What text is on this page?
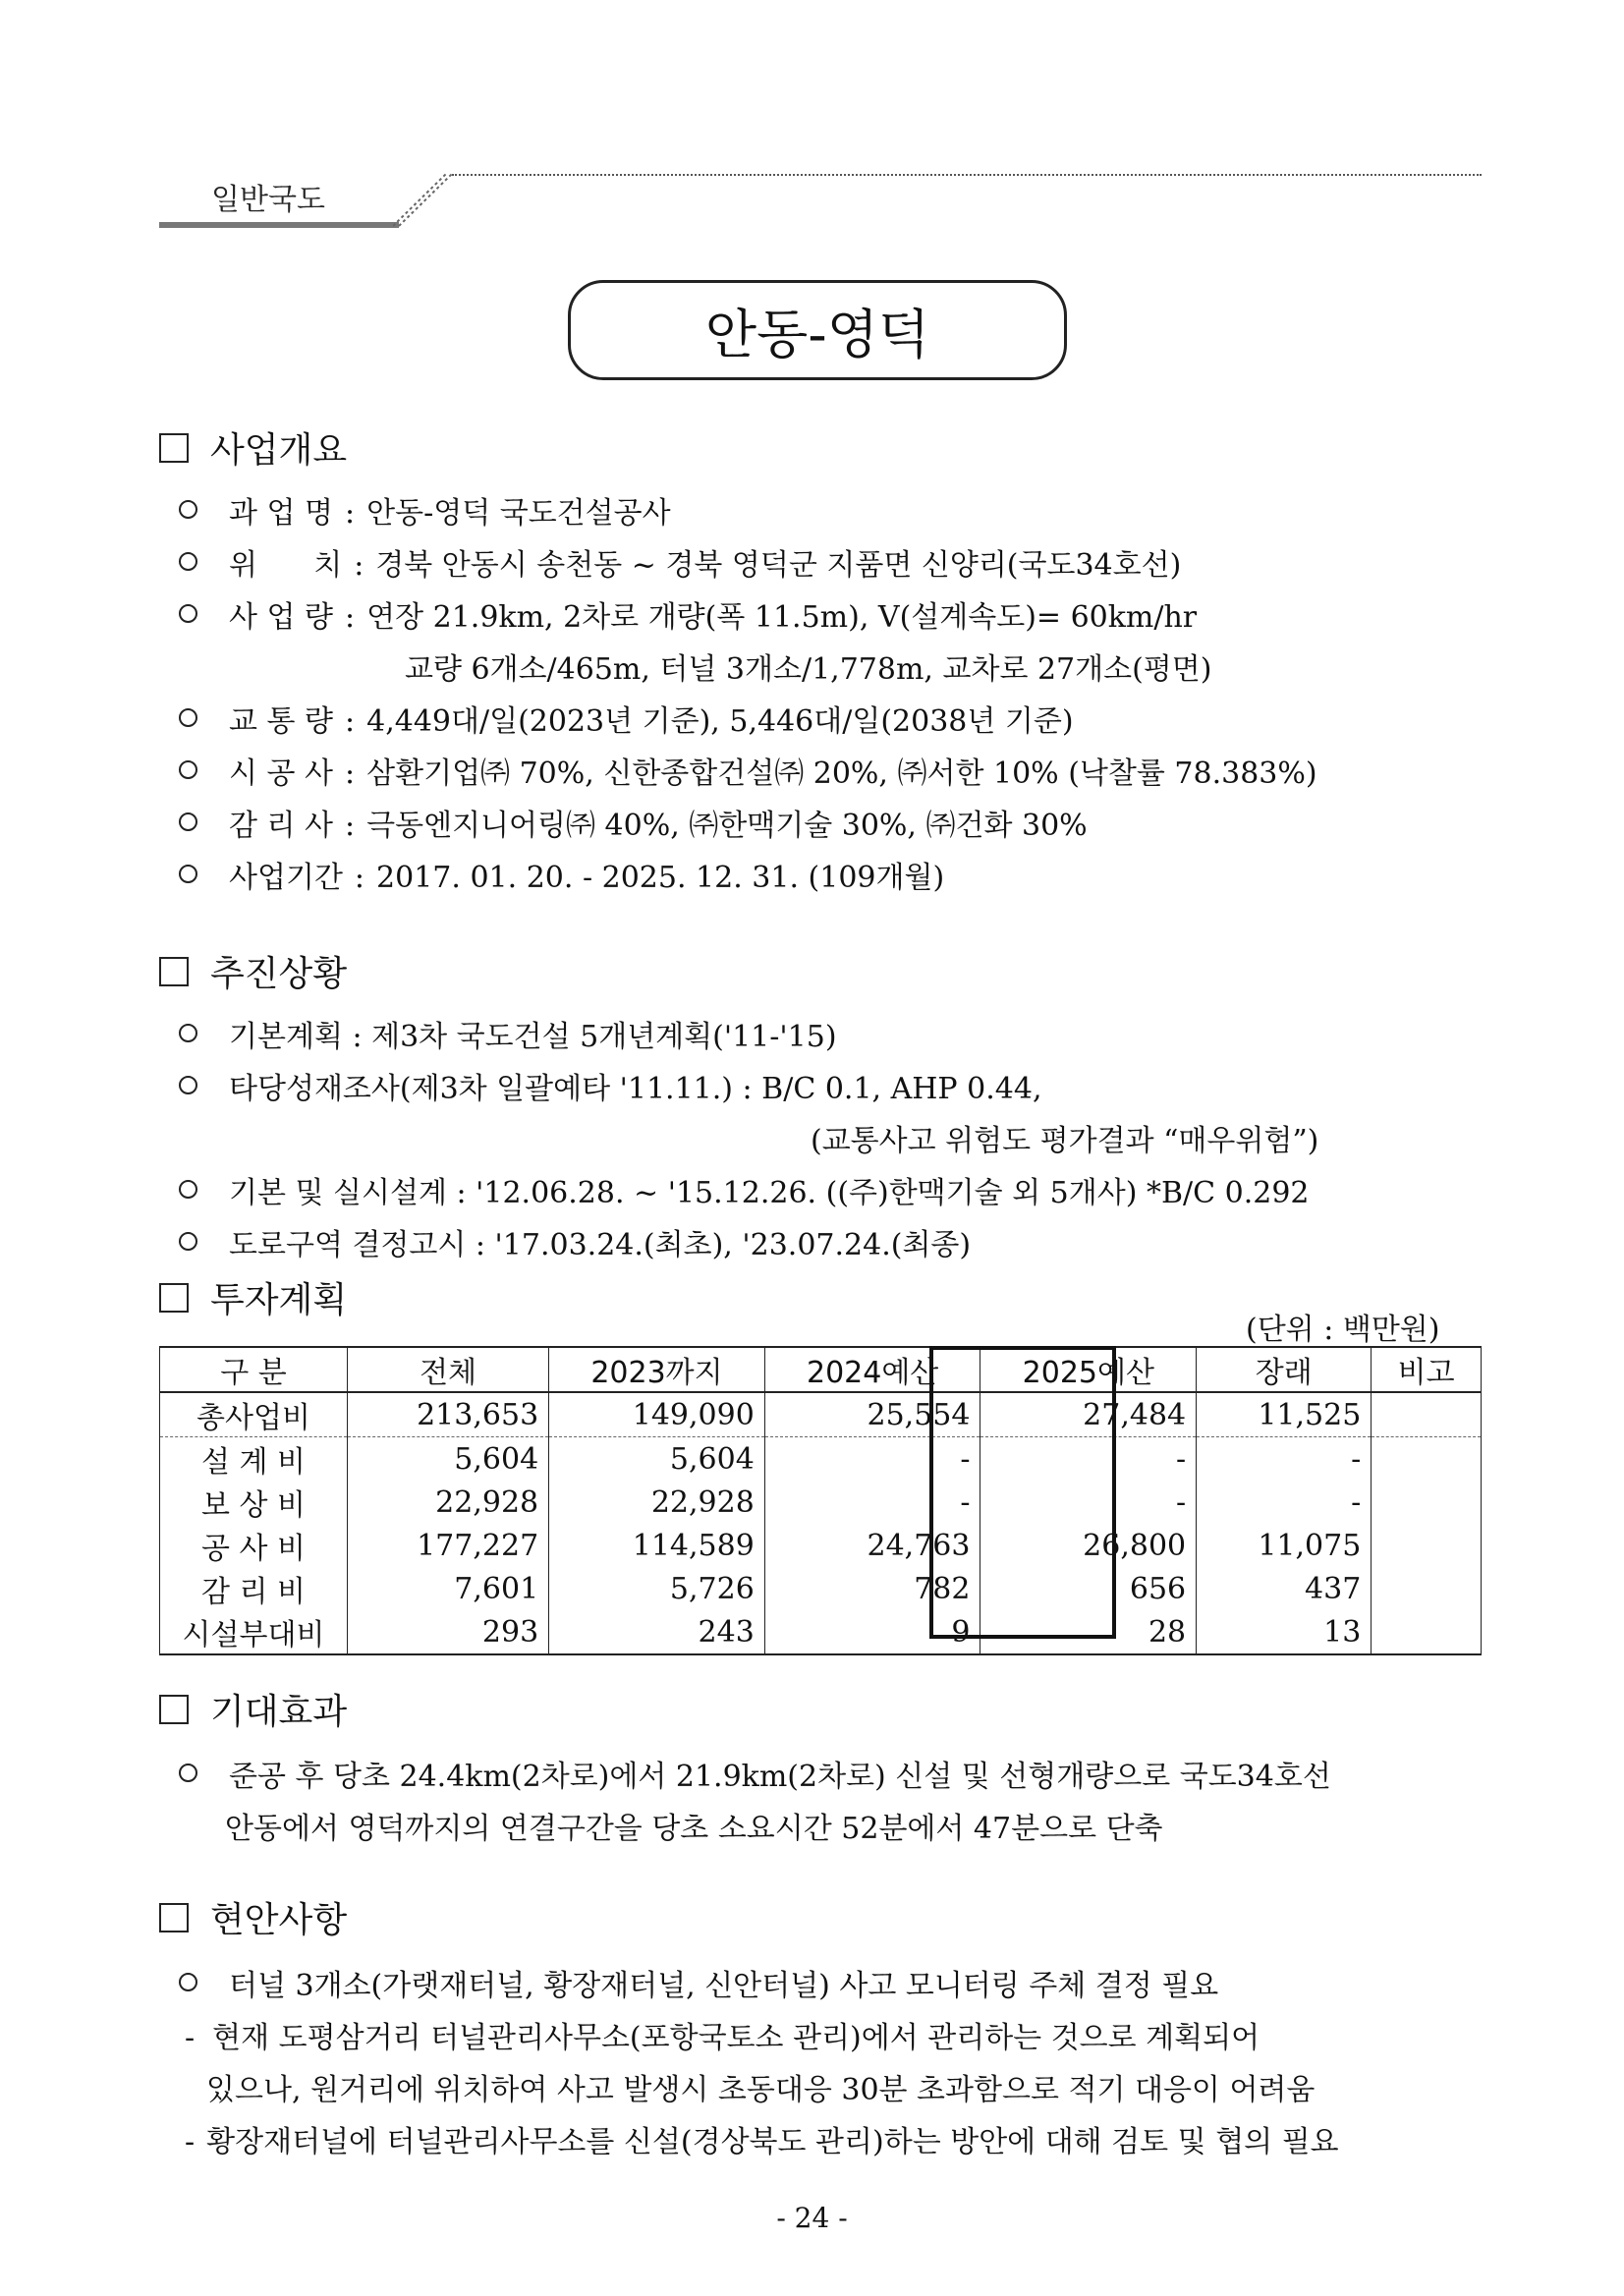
일반국도
안동-영덕
사업개요
과 업 명 : 안동-영덕 국도건설공사
위      치 : 경북 안동시 송천동 ~ 경북 영덕군 지품면 신양리(국도34호선)
사 업 량 : 연장 21.9km, 2차로 개량(폭 11.5m), V(설계속도)= 60km/hr
교량 6개소/465m, 터널 3개소/1,778m, 교차로 27개소(평면)
교 통 량 : 4,449대/일(2023년 기준), 5,446대/일(2038년 기준)
시 공 사 : 삼환기업㈜ 70%, 신한종합건설㈜ 20%, ㈜서한 10% (낙찰률 78.383%)
감 리 사 : 극동엔지니어링㈜ 40%, ㈜한맥기술 30%, ㈜건화 30%
사업기간 : 2017. 01. 20. - 2025. 12. 31. (109개월)
추진상황
기본계획 : 제3차 국도건설 5개년계획('11-'15)
타당성재조사(제3차 일괄예타 '11.11.) : B/C 0.1, AHP 0.44,
(교통사고 위험도 평가결과 “매우위험”)
기본 및 실시설계 : '12.06.28. ~ '15.12.26. ((주)한맥기술 외 5개사) *B/C 0.292
도로구역 결정고시 : '17.03.24.(최초), '23.07.24.(최종)
투자계획
(단위 : 백만원)
구 분	전체	2023까지	2024예산	2025예산	장래	비고
총사업비	213,653	149,090	25,554	27,484	11,525	
설 계 비	5,604	5,604	-	-	-	
보 상 비	22,928	22,928	-	-	-	
공 사 비	177,227	114,589	24,763	26,800	11,075	
감 리 비	7,601	5,726	782	656	437	
시설부대비	293	243	9	28	13	
기대효과
준공 후 당초 24.4km(2차로)에서 21.9km(2차로) 신설 및 선형개량으로 국도34호선
안동에서 영덕까지의 연결구간을 당초 소요시간 52분에서 47분으로 단축
현안사항
터널 3개소(가랫재터널, 황장재터널, 신안터널) 사고 모니터링 주체 결정 필요
- 현재 도평삼거리 터널관리사무소(포항국토소 관리)에서 관리하는 것으로 계획되어
있으나, 원거리에 위치하여 사고 발생시 초동대응 30분 초과함으로 적기 대응이 어려움
- 황장재터널에 터널관리사무소를 신설(경상북도 관리)하는 방안에 대해 검토 및 협의 필요
- 24 -
